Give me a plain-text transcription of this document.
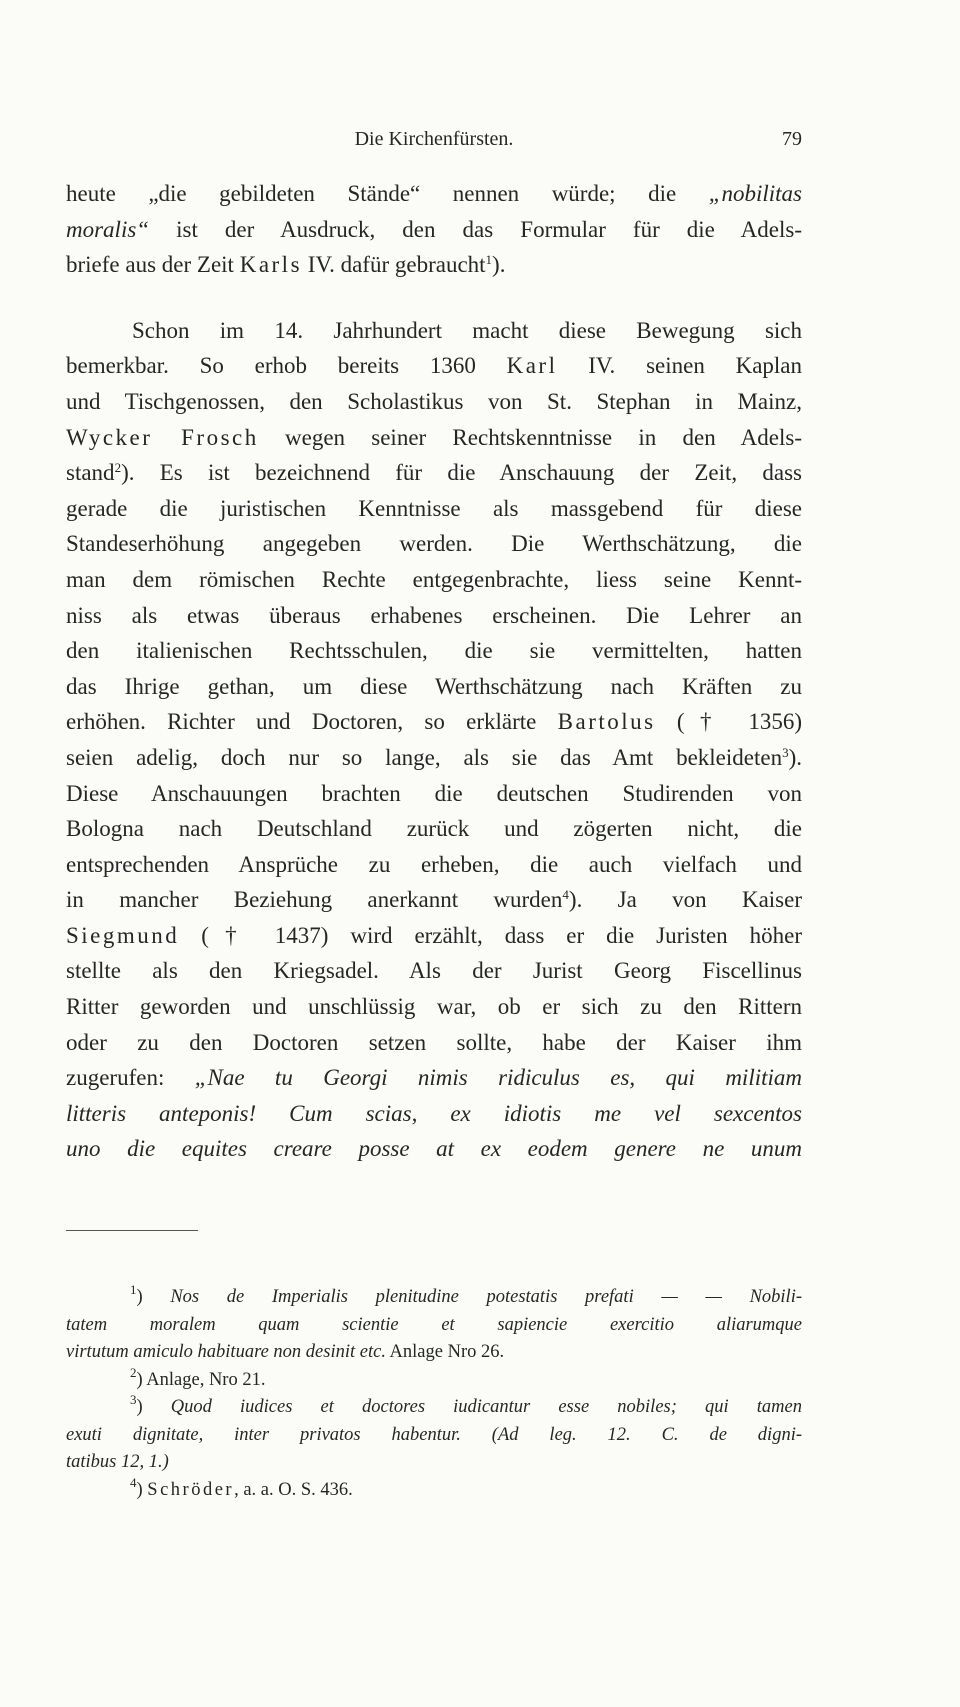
Die Kirchenfürsten.	79
heute „die gebildeten Stände“ nennen würde; die „nobilitas
moralis“ ist der Ausdruck, den das Formular für die Adels-
briefe aus der Zeit Karls IV. dafür gebraucht$^1$).
Schon im 14. Jahrhundert macht diese Bewegung sich
bemerkbar. So erhob bereits 1360 Karl IV. seinen Kaplan
und Tischgenossen, den Scholastikus von St. Stephan in Mainz,
Wycker Frosch wegen seiner Rechtskenntnisse in den Adels-
stand$^2$). Es ist bezeichnend für die Anschauung der Zeit, dass
gerade die juristischen Kenntnisse als massgebend für diese
Standeserhöhung angegeben werden. Die Werthschätzung, die
man dem römischen Rechte entgegenbrachte, liess seine Kennt-
niss als etwas überaus erhabenes erscheinen. Die Lehrer an
den italienischen Rechtsschulen, die sie vermittelten, hatten
das Ihrige gethan, um diese Werthschätzung nach Kräften zu
erhöhen. Richter und Doctoren, so erklärte Bartolus († 1356)
seien adelig, doch nur so lange, als sie das Amt bekleideten$^3$).
Diese Anschauungen brachten die deutschen Studirenden von
Bologna nach Deutschland zurück und zögerten nicht, die
entsprechenden Ansprüche zu erheben, die auch vielfach und
in mancher Beziehung anerkannt wurden$^4$). Ja von Kaiser
Siegmund († 1437) wird erzählt, dass er die Juristen höher
stellte als den Kriegsadel. Als der Jurist Georg Fiscellinus
Ritter geworden und unschlüssig war, ob er sich zu den Rittern
oder zu den Doctoren setzen sollte, habe der Kaiser ihm
zugerufen: „Nae tu Georgi nimis ridiculus es, qui militiam
litteris anteponis! Cum scias, ex idiotis me vel sexcentos
uno die equites creare posse at ex eodem genere ne unum
$^1$) Nos de Imperialis plenitudine potestatis prefati — — Nobili-
tatem moralem quam scientie et sapiencie exercitio aliarumque
virtutum amiculo habituare non desinit etc. Anlage Nro 26.
$^2$) Anlage, Nro 21.
$^3$) Quod iudices et doctores iudicantur esse nobiles; qui tamen
exuti dignitate, inter privatos habentur. (Ad leg. 12. C. de digni-
tatibus 12, 1.)
$^4$) Schröder, a. a. O. S. 436.
